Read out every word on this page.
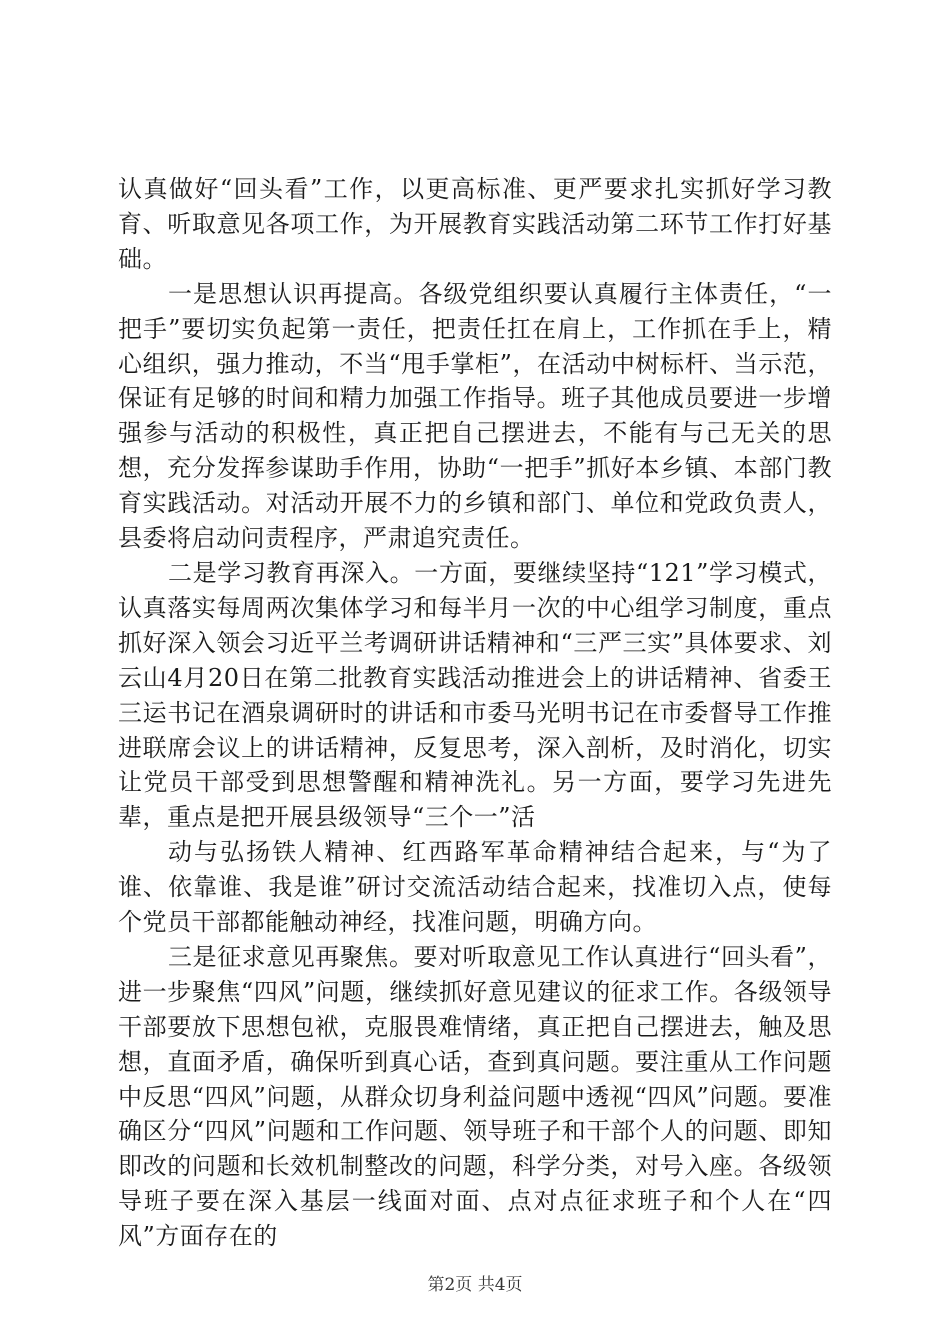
认真做好“回头看”工作，以更高标准、更严要求扎实抓好学习教育、听取意见各项工作，为开展教育实践活动第二环节工作打好基础。

一是思想认识再提高。各级党组织要认真履行主体责任，“一把手”要切实负起第一责任，把责任扛在肩上，工作抓在手上，精心组织，强力推动，不当“甩手掌柜”，在活动中树标杆、当示范，保证有足够的时间和精力加强工作指导。班子其他成员要进一步增强参与活动的积极性，真正把自己摆进去，不能有与己无关的思想，充分发挥参谋助手作用，协助“一把手”抓好本乡镇、本部门教育实践活动。对活动开展不力的乡镇和部门、单位和党政负责人，县委将启动问责程序，严肃追究责任。

二是学习教育再深入。一方面，要继续坚持“121”学习模式，认真落实每周两次集体学习和每半月一次的中心组学习制度，重点抓好深入领会习近平兰考调研讲话精神和“三严三实”具体要求、刘云山4月20日在第二批教育实践活动推进会上的讲话精神、省委王三运书记在酒泉调研时的讲话和市委马光明书记在市委督导工作推进联席会议上的讲话精神，反复思考，深入剖析，及时消化，切实让党员干部受到思想警醒和精神洗礼。另一方面，要学习先进先辈，重点是把开展县级领导“三个一”活

动与弘扬铁人精神、红西路军革命精神结合起来，与“为了谁、依靠谁、我是谁”研讨交流活动结合起来，找准切入点，使每个党员干部都能触动神经，找准问题，明确方向。

三是征求意见再聚焦。要对听取意见工作认真进行“回头看”，进一步聚焦“四风”问题，继续抓好意见建议的征求工作。各级领导干部要放下思想包袱，克服畏难情绪，真正把自己摆进去，触及思想，直面矛盾，确保听到真心话，查到真问题。要注重从工作问题中反思“四风”问题，从群众切身利益问题中透视“四风”问题。要准确区分“四风”问题和工作问题、领导班子和干部个人的问题、即知即改的问题和长效机制整改的问题，科学分类，对号入座。各级领导班子要在深入基层一线面对面、点对点征求班子和个人在“四风”方面存在的

第2页 共4页
